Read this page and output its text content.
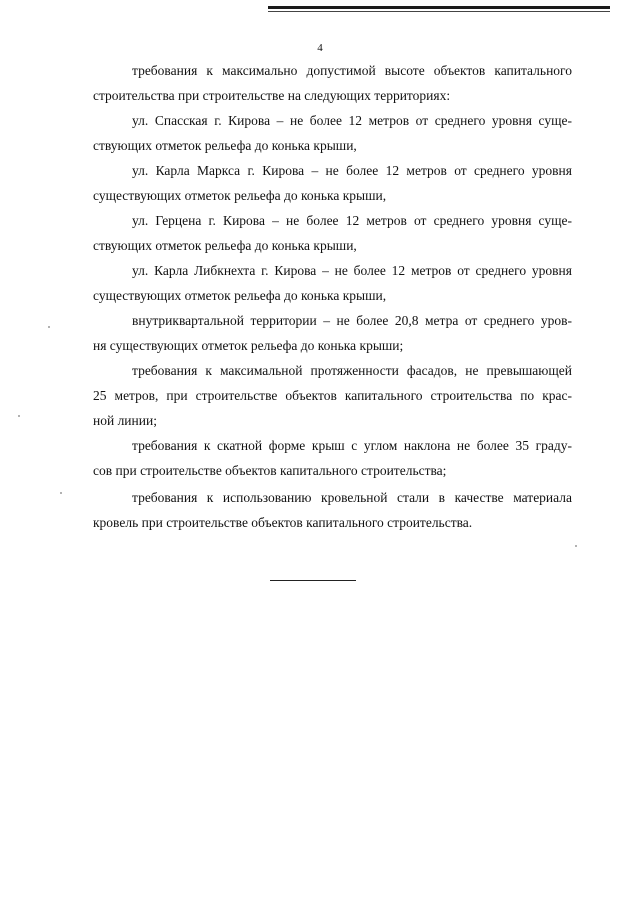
4
требования к максимально допустимой высоте объектов капитального
строительства при строительстве на следующих территориях:
ул. Спасская г. Кирова – не более 12 метров от среднего уровня суще-
ствующих отметок рельефа до конька крыши,
ул. Карла Маркса г. Кирова – не более 12 метров от среднего уровня
существующих отметок рельефа до конька крыши,
ул. Герцена г. Кирова – не более 12 метров от среднего уровня суще-
ствующих отметок рельефа до конька крыши,
ул. Карла Либкнехта г. Кирова – не более 12 метров от среднего уровня
существующих отметок рельефа до конька крыши,
внутриквартальной территории – не более 20,8 метра от среднего уров-
ня существующих отметок рельефа до конька крыши;
требования к максимальной протяженности фасадов, не превышающей
25 метров, при строительстве объектов капитального строительства по крас-
ной линии;
требования к скатной форме крыш с углом наклона не более 35 граду-
сов при строительстве объектов капитального строительства;
требования к использованию кровельной стали в качестве материала
кровель при строительстве объектов капитального строительства.
